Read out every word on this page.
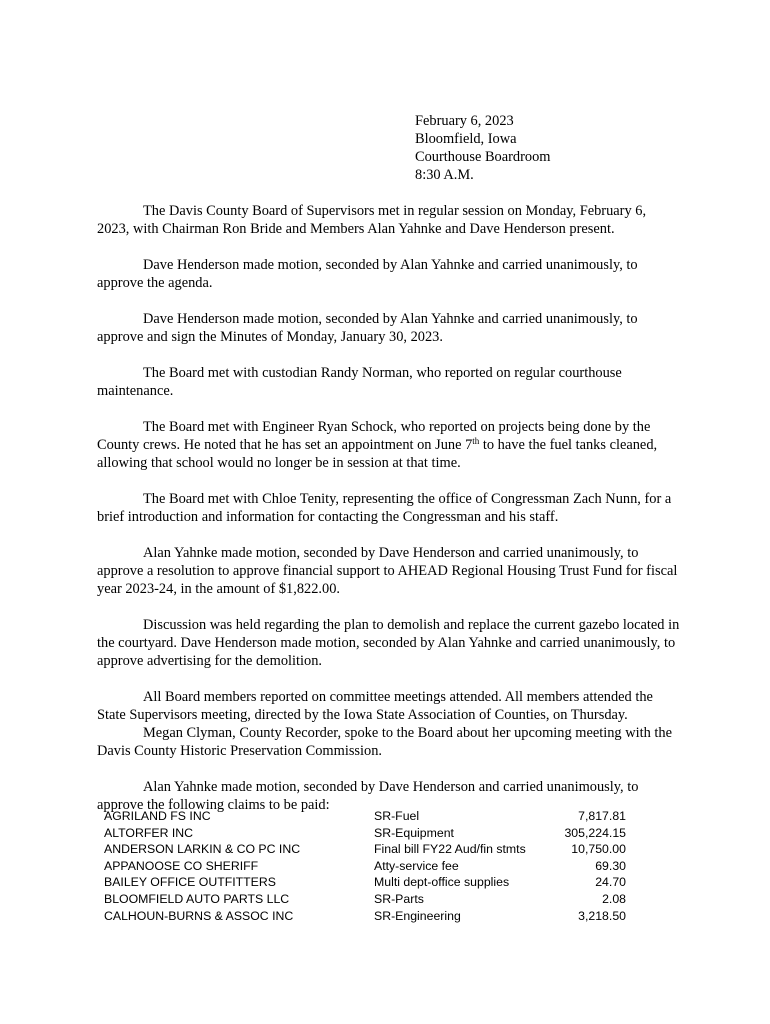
February 6, 2023
Bloomfield, Iowa
Courthouse Boardroom
8:30 A.M.

The Davis County Board of Supervisors met in regular session on Monday, February 6, 2023, with Chairman Ron Bride and Members Alan Yahnke and Dave Henderson present.

Dave Henderson made motion, seconded by Alan Yahnke and carried unanimously, to approve the agenda.

Dave Henderson made motion, seconded by Alan Yahnke and carried unanimously, to approve and sign the Minutes of Monday, January 30, 2023.

The Board met with custodian Randy Norman, who reported on regular courthouse maintenance.

The Board met with Engineer Ryan Schock, who reported on projects being done by the County crews. He noted that he has set an appointment on June 7th to have the fuel tanks cleaned, allowing that school would no longer be in session at that time.

The Board met with Chloe Tenity, representing the office of Congressman Zach Nunn, for a brief introduction and information for contacting the Congressman and his staff.

Alan Yahnke made motion, seconded by Dave Henderson and carried unanimously, to approve a resolution to approve financial support to AHEAD Regional Housing Trust Fund for fiscal year 2023-24, in the amount of $1,822.00.

Discussion was held regarding the plan to demolish and replace the current gazebo located in the courtyard. Dave Henderson made motion, seconded by Alan Yahnke and carried unanimously, to approve advertising for the demolition.

All Board members reported on committee meetings attended. All members attended the State Supervisors meeting, directed by the Iowa State Association of Counties, on Thursday.

Megan Clyman, County Recorder, spoke to the Board about her upcoming meeting with the Davis County Historic Preservation Commission.

Alan Yahnke made motion, seconded by Dave Henderson and carried unanimously, to approve the following claims to be paid:

AGRILAND FS INC	SR-Fuel	7,817.81
ALTORFER INC	SR-Equipment	305,224.15
ANDERSON LARKIN & CO PC INC	Final bill FY22 Aud/fin stmts	10,750.00
APPANOOSE CO SHERIFF	Atty-service fee	69.30
BAILEY OFFICE OUTFITTERS	Multi dept-office supplies	24.70
BLOOMFIELD AUTO PARTS LLC	SR-Parts	2.08
CALHOUN-BURNS & ASSOC INC	SR-Engineering	3,218.50
